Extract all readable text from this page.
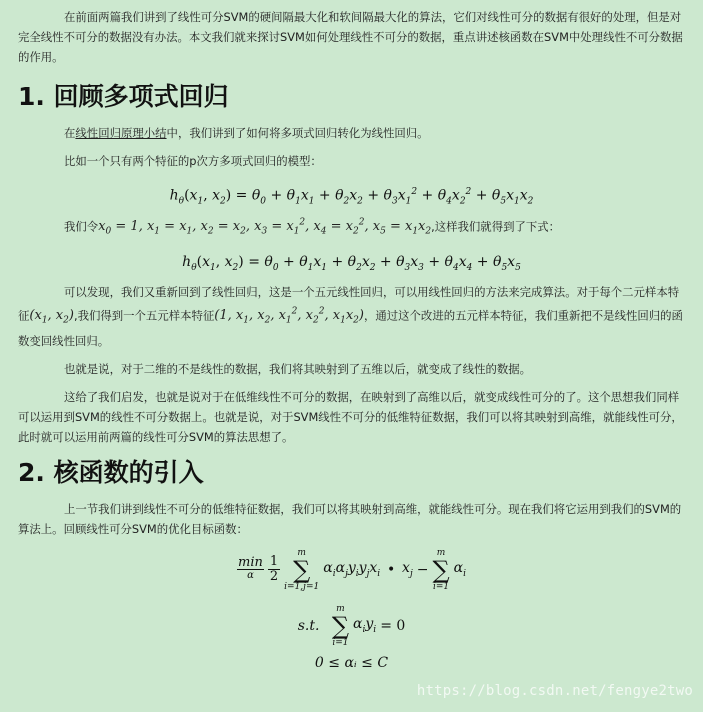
在前面两篇我们讲到了线性可分SVM的硬间隔最大化和软间隔最大化的算法，它们对线性可分的数据有很好的处理，但是对完全线性不可分的数据没有办法。本文我们就来探讨SVM如何处理线性不可分的数据，重点讲述核函数在SVM中处理线性不可分数据的作用。

1. 回顾多项式回归

在线性回归原理小结中，我们讲到了如何将多项式回归转化为线性回归。

比如一个只有两个特征的p次方多项式回归的模型：

$h_\theta(x_1$, $x_2) = \theta_0 + \theta_1x_1 + \theta_2x_2 + \theta_3x_1^2 + \theta_4x_2^2 + \theta_5x_1x_2$

我们令$x_0 = 1$, $x_1 = x_1$, $x_2 = x_2$, $x_3 = x_1^2$, $x_4 = x_2^2$, $x_5 = x_1x_2$,这样我们就得到了下式：

$h_\theta(x_1$, $x_2) = \theta_0 + \theta_1x_1 + \theta_2x_2 + \theta_3x_3 + \theta_4x_4 + \theta_5x_5$

可以发现，我们又重新回到了线性回归，这是一个五元线性回归，可以用线性回归的方法来完成算法。对于每个二元样本特征($x_1$, $x_2$),我们得到一个五元样本特征(1, $x_1$, $x_2$, $x_1^2$, $x_2^2$, $x_1x_2$)，通过这个改进的五元样本特征，我们重新把不是线性回归的函数变回线性回归。

也就是说，对于二维的不是线性的数据，我们将其映射到了五维以后，就变成了线性的数据。

这给了我们启发，也就是说对于在低维线性不可分的数据，在映射到了高维以后，就变成线性可分的了。这个思想我们同样可以运用到SVM的线性不可分数据上。也就是说，对于SVM线性不可分的低维特征数据，我们可以将其映射到高维，就能线性可分，此时就可以运用前两篇的线性可分SVM的算法思想了。

2. 核函数的引入

上一节我们讲到线性不可分的低维特征数据，我们可以将其映射到高维，就能线性可分。现在我们将它运用到我们的SVM的算法上。回顾线性可分SVM的优化目标函数：

min
α $\frac{1}{2}$
m
∑
i=1,j=1
$\alpha_i\alpha_jy_iy_jx_i$  •  $x_j$ −
m
∑
i=1
$\alpha_i$
s.t.

m
∑
i=1
$\alpha_iy_i = 0$
0 ≤ αᵢ ≤ C
https://blog.csdn.net/fengye2two
